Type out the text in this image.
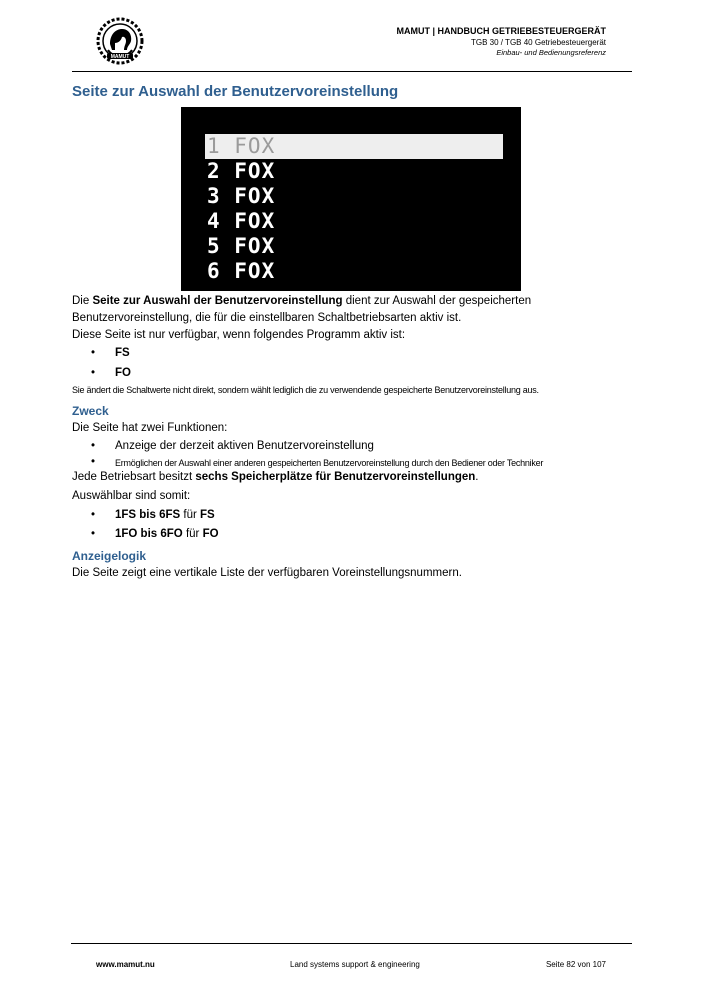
MAMUT
MAMUT | HANDBUCH GETRIEBESTEUERGERÄT
TGB 30 / TGB 40 Getriebesteuergerät
Einbau- und Bedienungsreferenz
Seite zur Auswahl der Benutzervoreinstellung
1 FOX
2 FOX
3 FOX
4 FOX
5 FOX
6 FOX
Die Seite zur Auswahl der Benutzervoreinstellung dient zur Auswahl der gespeicherten
Benutzervoreinstellung, die für die einstellbaren Schaltbetriebsarten aktiv ist.
Diese Seite ist nur verfügbar, wenn folgendes Programm aktiv ist:
• FS
• FO
Sie ändert die Schaltwerte nicht direkt, sondern wählt lediglich die zu verwendende gespeicherte Benutzervoreinstellung aus.
Zweck
Die Seite hat zwei Funktionen:
• Anzeige der derzeit aktiven Benutzervoreinstellung
• Ermöglichen der Auswahl einer anderen gespeicherten Benutzervoreinstellung durch den Bediener oder Techniker
Jede Betriebsart besitzt sechs Speicherplätze für Benutzervoreinstellungen.
Auswählbar sind somit:
• 1FS bis 6FS für FS
• 1FO bis 6FO für FO
Anzeigelogik
Die Seite zeigt eine vertikale Liste der verfügbaren Voreinstellungsnummern.
www.mamut.nu	Land systems support & engineering	Seite 82 von 107
